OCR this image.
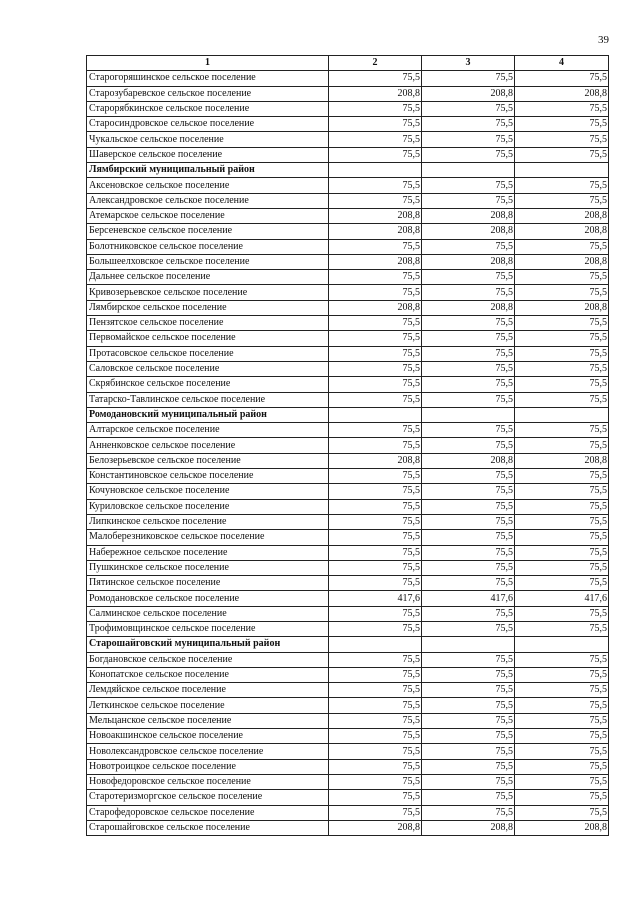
39
1	2	3	4
Старогоряшинское сельское поселение	75,5	75,5	75,5
Старозубаревское сельское поселение	208,8	208,8	208,8
Старорябкинское сельское поселение	75,5	75,5	75,5
Старосиндровское сельское поселение	75,5	75,5	75,5
Чукальское сельское поселение	75,5	75,5	75,5
Шаверское сельское поселение	75,5	75,5	75,5
Лямбирский муниципальный район			
Аксеновское сельское поселение	75,5	75,5	75,5
Александровское сельское поселение	75,5	75,5	75,5
Атемарское сельское поселение	208,8	208,8	208,8
Берсеневское сельское поселение	208,8	208,8	208,8
Болотниковское сельское поселение	75,5	75,5	75,5
Большеелховское сельское поселение	208,8	208,8	208,8
Дальнее сельское поселение	75,5	75,5	75,5
Кривозерьевское сельское поселение	75,5	75,5	75,5
Лямбирское сельское поселение	208,8	208,8	208,8
Пензятское сельское поселение	75,5	75,5	75,5
Первомайское сельское поселение	75,5	75,5	75,5
Протасовское сельское поселение	75,5	75,5	75,5
Саловское сельское поселение	75,5	75,5	75,5
Скрябинское сельское поселение	75,5	75,5	75,5
Татарско-Тавлинское сельское поселение	75,5	75,5	75,5
Ромодановский муниципальный район			
Алтарское сельское поселение	75,5	75,5	75,5
Анненковское сельское поселение	75,5	75,5	75,5
Белозерьевское сельское поселение	208,8	208,8	208,8
Константиновское сельское поселение	75,5	75,5	75,5
Кочуновское сельское поселение	75,5	75,5	75,5
Куриловское сельское поселение	75,5	75,5	75,5
Липкинское сельское поселение	75,5	75,5	75,5
Малоберезниковское сельское поселение	75,5	75,5	75,5
Набережное сельское поселение	75,5	75,5	75,5
Пушкинское сельское поселение	75,5	75,5	75,5
Пятинское сельское поселение	75,5	75,5	75,5
Ромодановское сельское поселение	417,6	417,6	417,6
Салминское сельское поселение	75,5	75,5	75,5
Трофимовщинское сельское поселение	75,5	75,5	75,5
Старошайговский муниципальный район			
Богдановское сельское поселение	75,5	75,5	75,5
Конопатское сельское поселение	75,5	75,5	75,5
Лемдяйское сельское поселение	75,5	75,5	75,5
Леткинское сельское поселение	75,5	75,5	75,5
Мельцанское сельское поселение	75,5	75,5	75,5
Новоакшинское сельское поселение	75,5	75,5	75,5
Новолександровское сельское поселение	75,5	75,5	75,5
Новотроицкое сельское поселение	75,5	75,5	75,5
Новофедоровское сельское поселение	75,5	75,5	75,5
Старотеризморгское сельское поселение	75,5	75,5	75,5
Старофедоровское сельское поселение	75,5	75,5	75,5
Старошайговское сельское поселение	208,8	208,8	208,8
